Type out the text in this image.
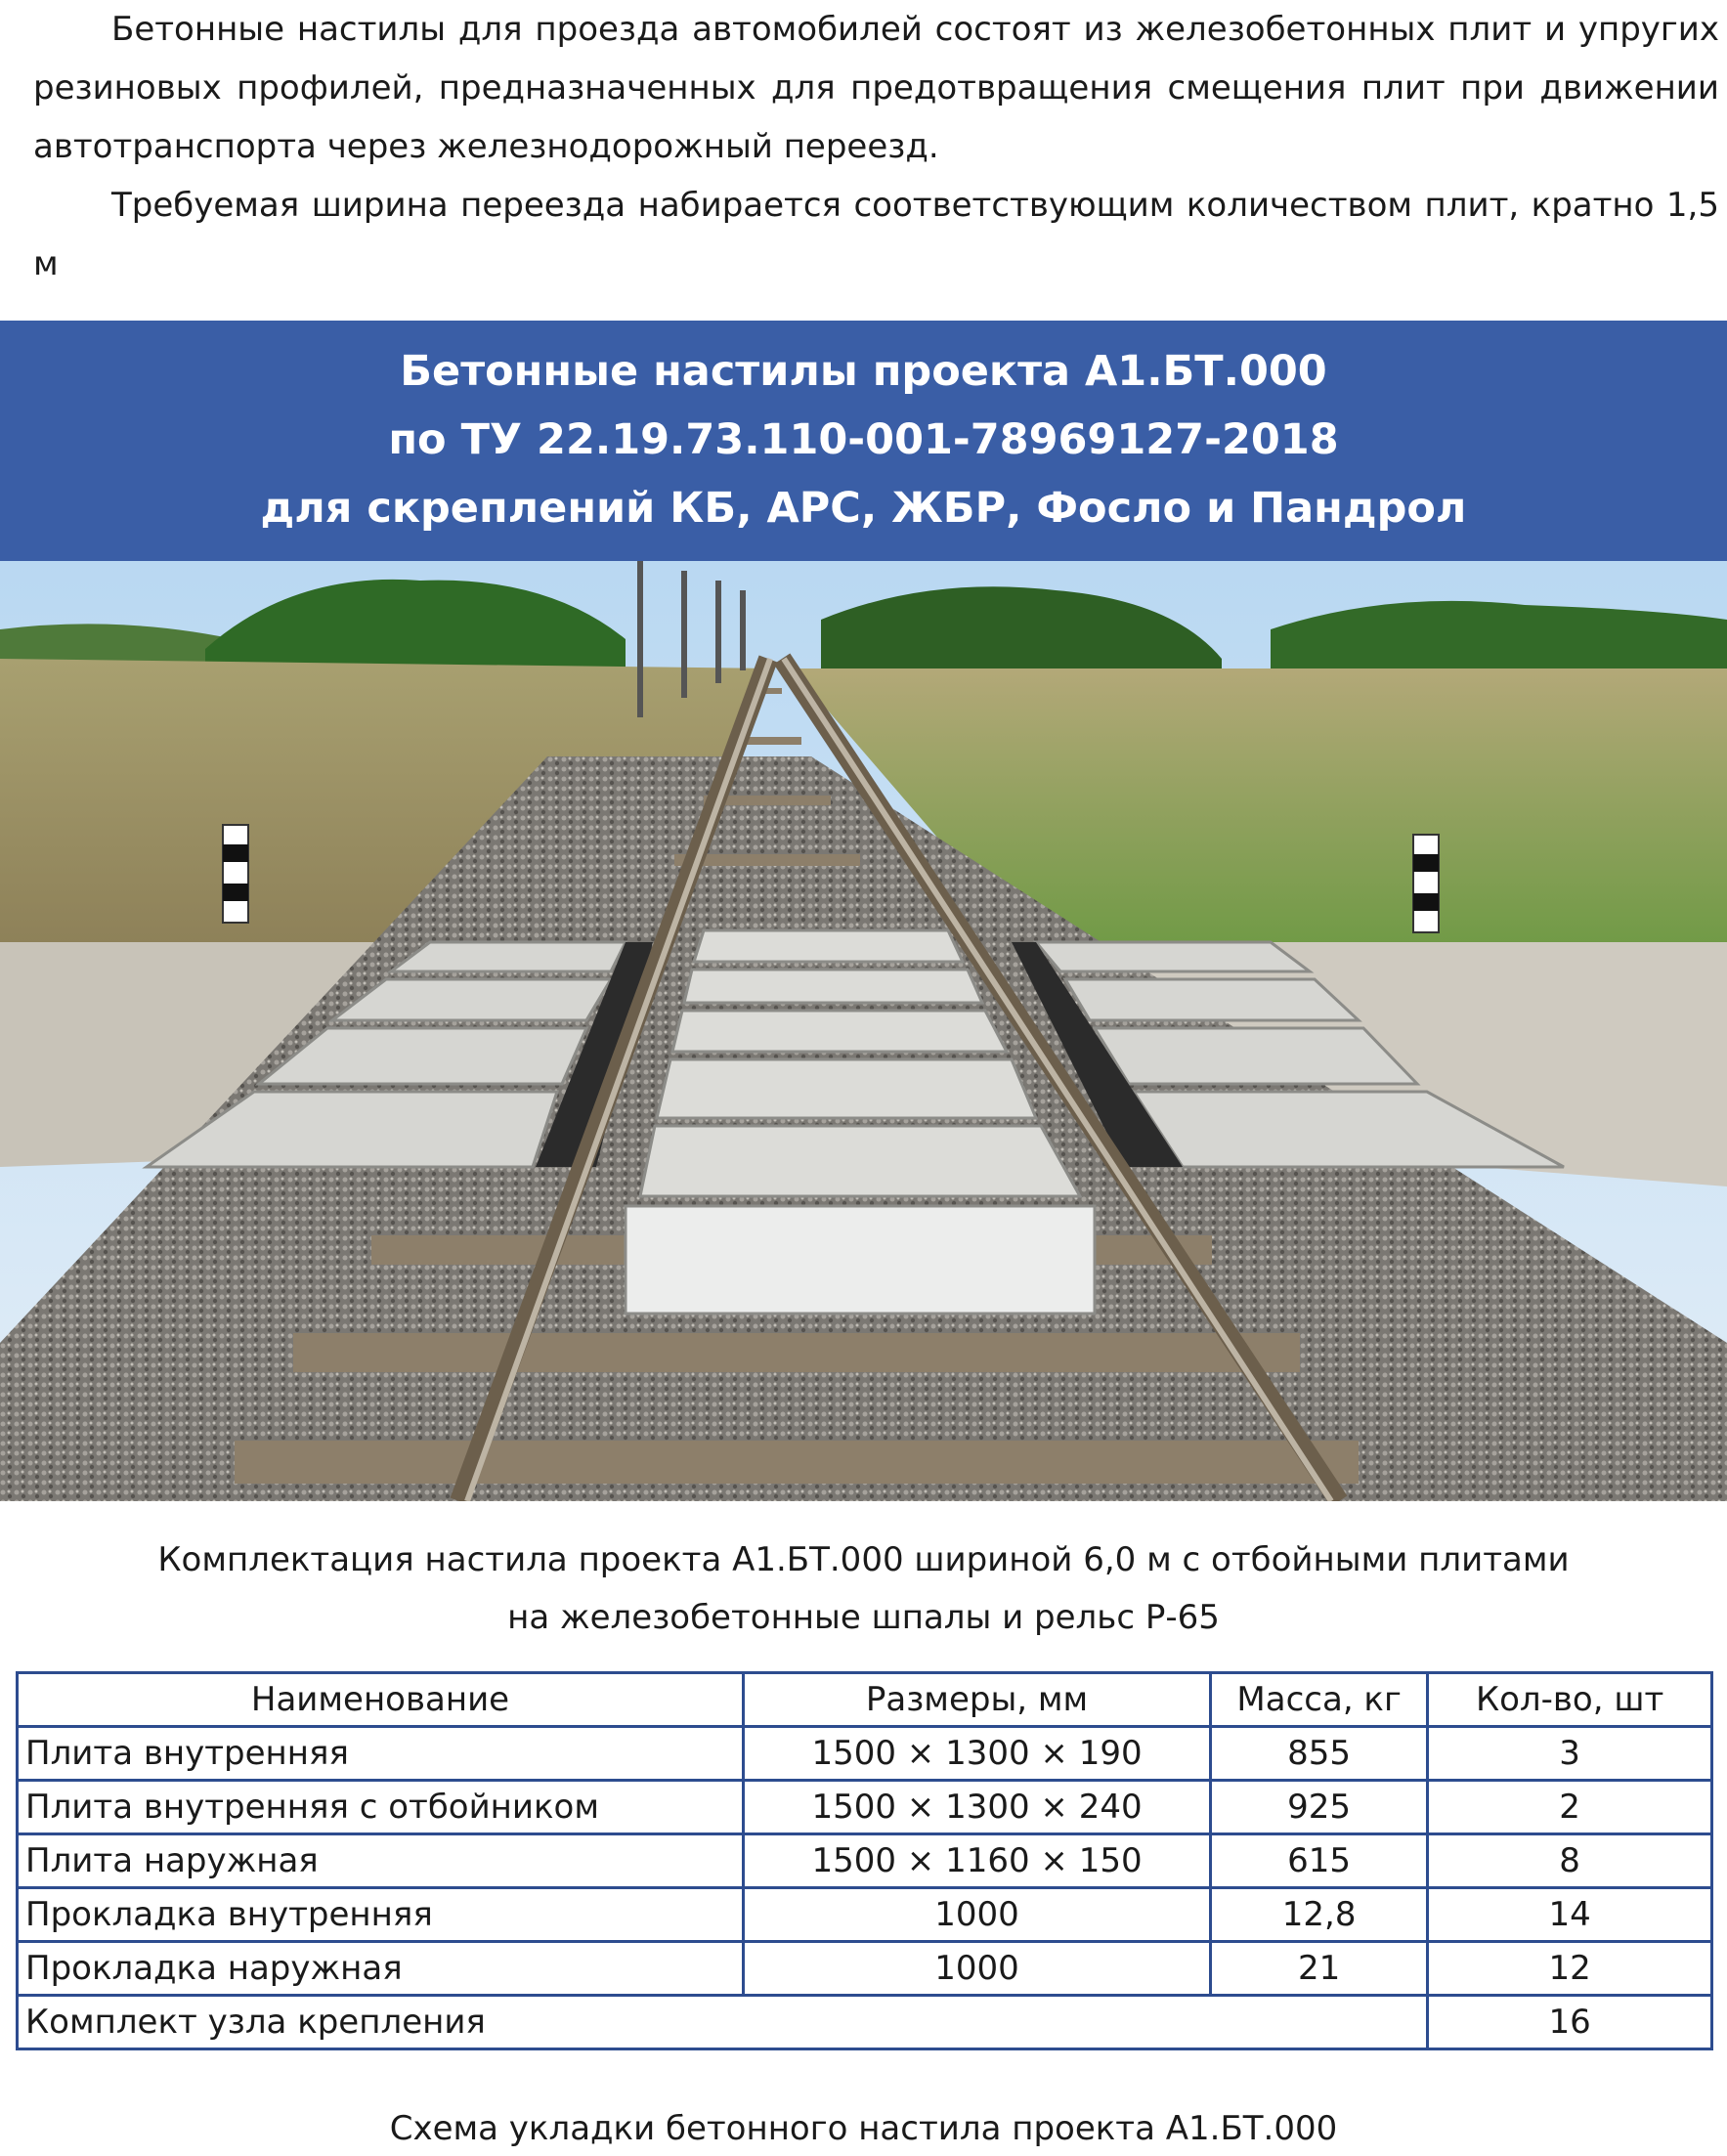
Бетонные настилы для проезда автомобилей состоят из железобетонных плит и упругих резиновых профилей, предназначенных для предотвращения смещения плит при движении автотранспорта через железнодорожный переезд.

Требуемая ширина переезда набирается соответствующим количеством плит, кратно 1,5 м

Бетонные настилы проекта А1.БТ.000
по ТУ 22.19.73.110-001-78969127-2018
для скреплений КБ, АРС, ЖБР, Фосло и Пандрол
Комплектация настила проекта А1.БТ.000 шириной 6,0 м с отбойными плитами
на железобетонные шпалы и рельс Р-65
Наименование	Размеры, мм	Масса, кг	Кол-во, шт
Плита внутренняя	1500 × 1300 × 190	855	3
Плита внутренняя с отбойником	1500 × 1300 × 240	925	2
Плита наружная	1500 × 1160 × 150	615	8
Прокладка внутренняя	1000	12,8	14
Прокладка наружная	1000	21	12
Комплект узла крепления			16
Схема укладки бетонного настила проекта А1.БТ.000
